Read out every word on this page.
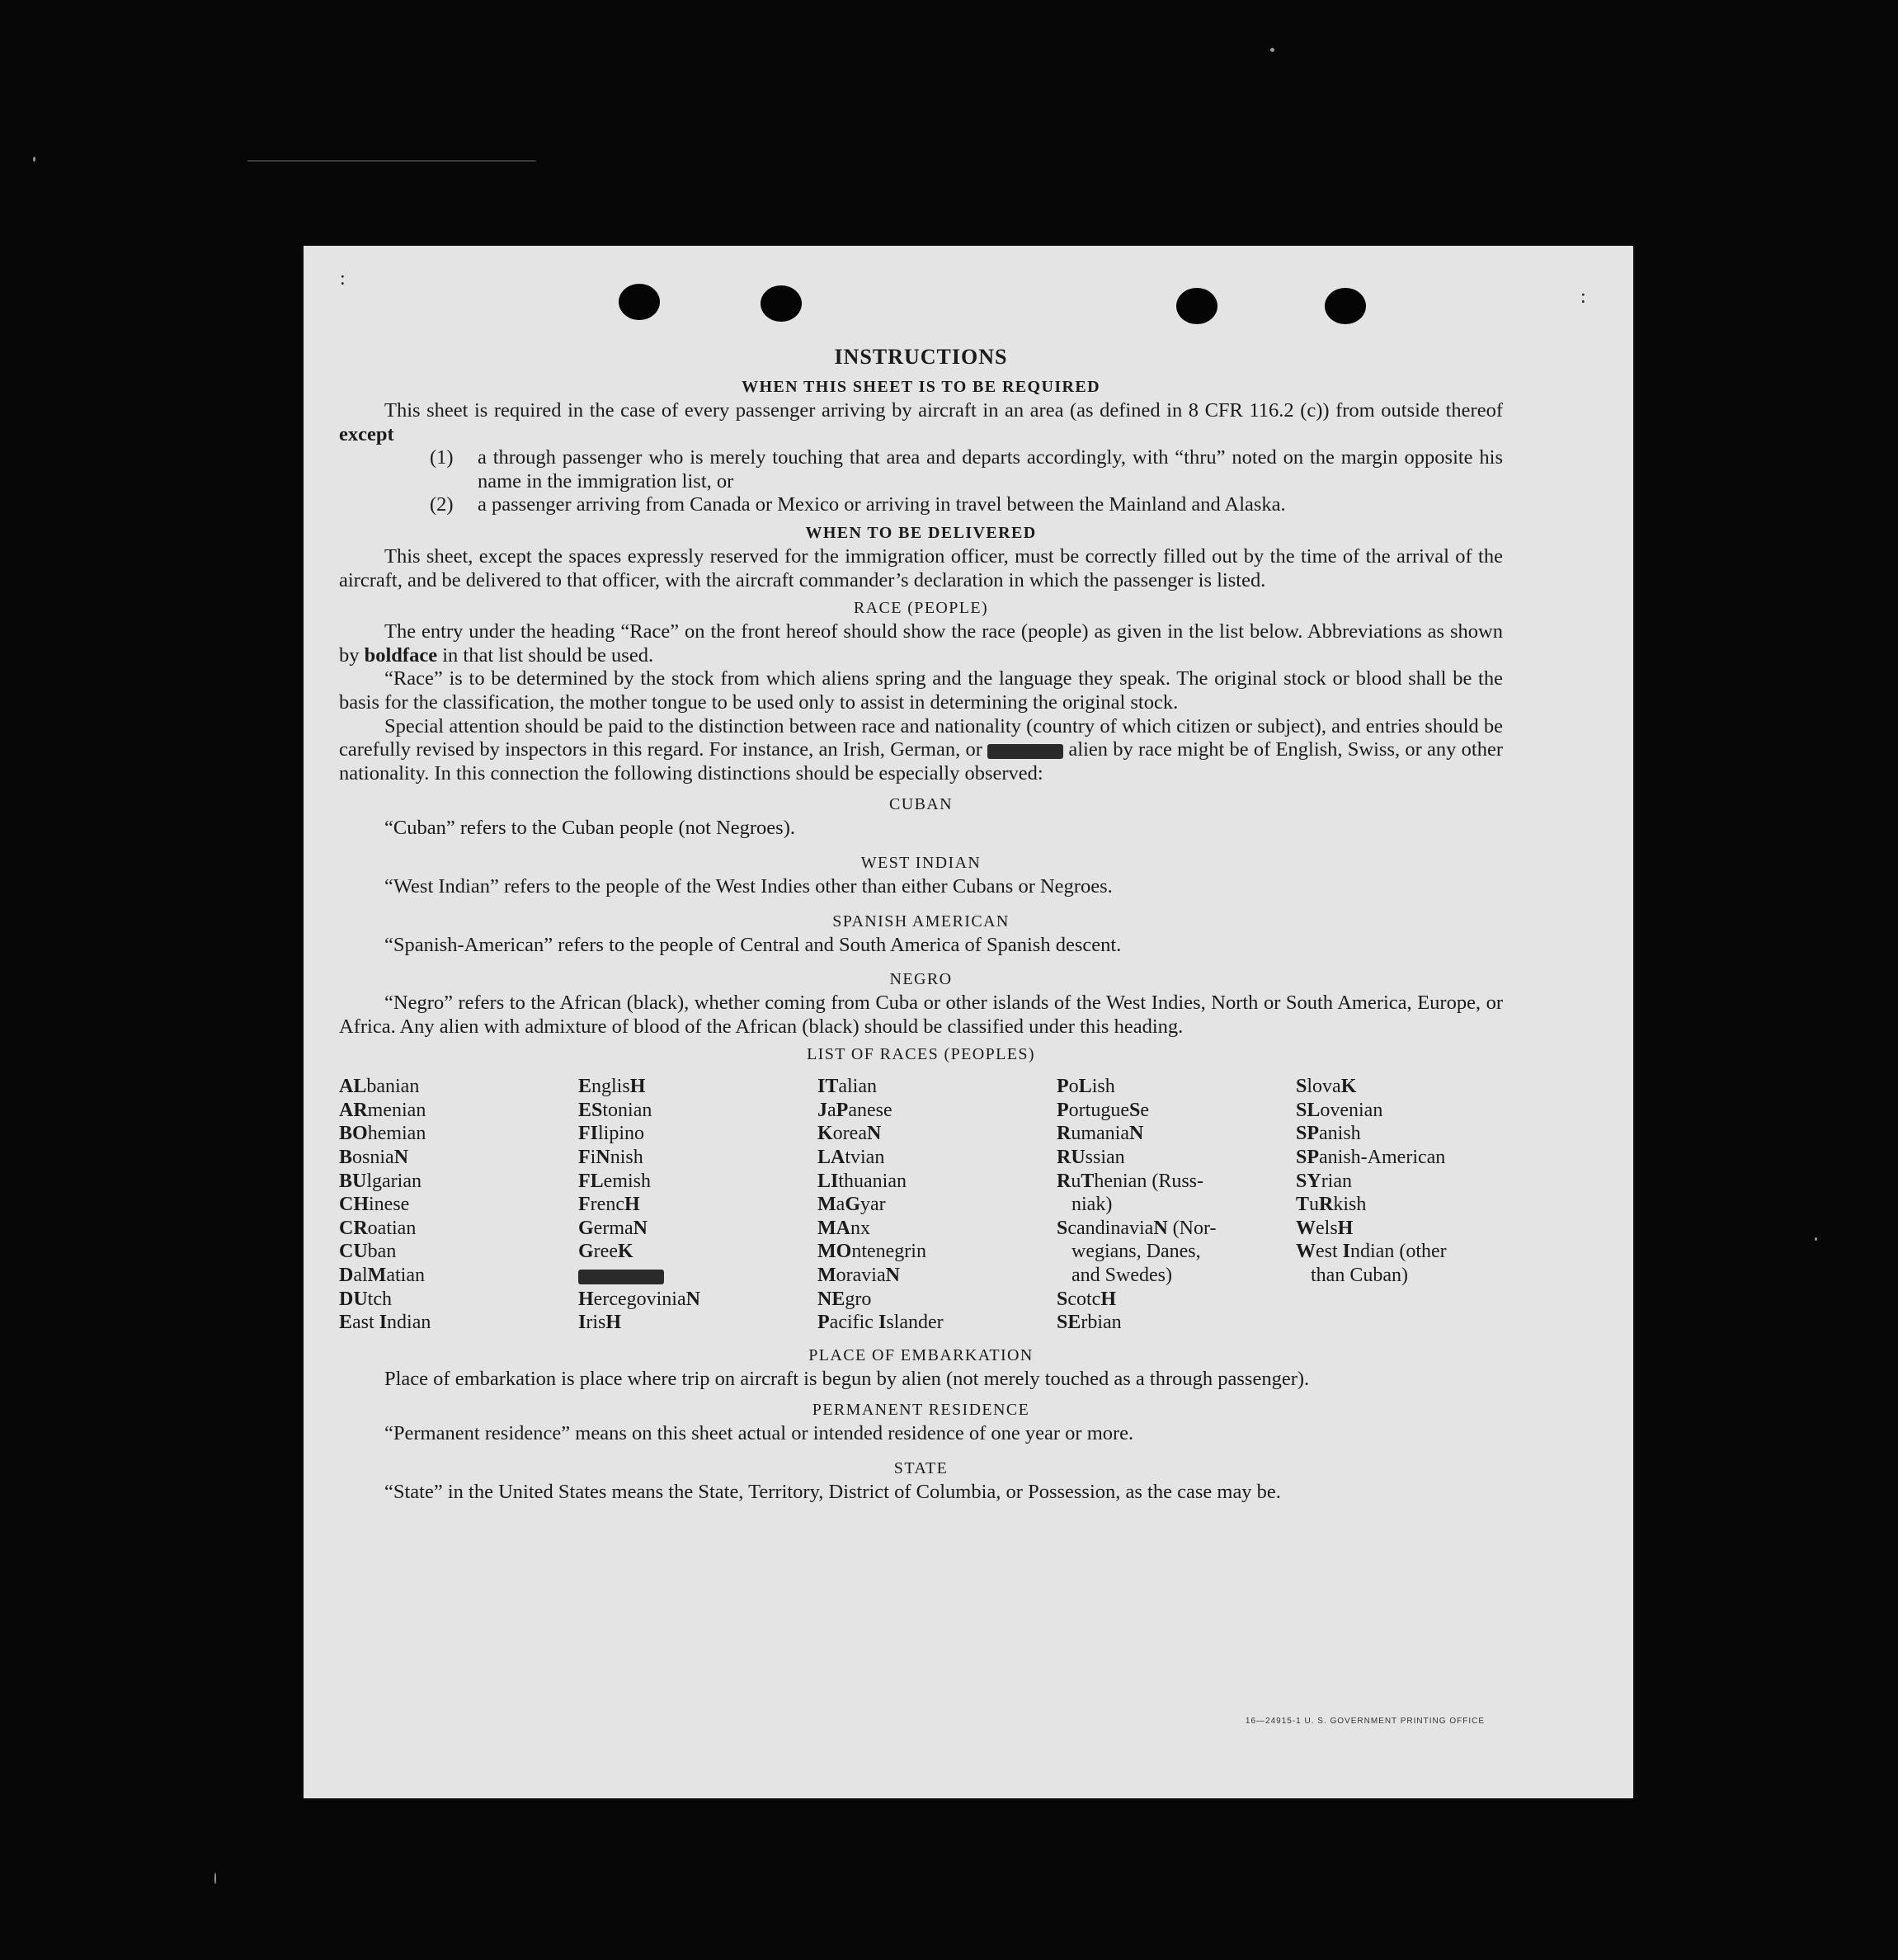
:
:
INSTRUCTIONS
WHEN THIS SHEET IS TO BE REQUIRED

This sheet is required in the case of every passenger arriving by aircraft in an area (as defined in 8 CFR 116.2 (c)) from outside thereof except

(1)	a through passenger who is merely touching that area and departs accordingly, with “thru” noted on the margin opposite his name in the immigration list, or
(2)	a passenger arriving from Canada or Mexico or arriving in travel between the Mainland and Alaska.
WHEN TO BE DELIVERED

This sheet, except the spaces expressly reserved for the immigration officer, must be correctly filled out by the time of the arrival of the aircraft, and be delivered to that officer, with the aircraft commander’s declaration in which the passenger is listed.

RACE (PEOPLE)

The entry under the heading “Race” on the front hereof should show the race (people) as given in the list below. Abbreviations as shown by boldface in that list should be used.

“Race” is to be determined by the stock from which aliens spring and the language they speak. The original stock or blood shall be the basis for the classification, the mother tongue to be used only to assist in determining the original stock.

Special attention should be paid to the distinction between race and nationality (country of which citizen or subject), and entries should be carefully revised by inspectors in this regard. For instance, an Irish, German, or	alien by race might be of English, Swiss, or any other nationality. In this connection the following distinctions should be especially observed:

CUBAN

“Cuban” refers to the Cuban people (not Negroes).

WEST INDIAN

“West Indian” refers to the people of the West Indies other than either Cubans or Negroes.

SPANISH AMERICAN

“Spanish-American” refers to the people of Central and South America of Spanish descent.

NEGRO

“Negro” refers to the African (black), whether coming from Cuba or other islands of the West Indies, North or South America, Europe, or Africa. Any alien with admixture of blood of the African (black) should be classified under this heading.

LIST OF RACES (PEOPLES)
ALbanian
ARmenian
BOhemian
BosniaN
BUlgarian
CHinese
CRoatian
CUban
DalMatian
DUtch
East Indian
EnglisH
EStonian
FIlipino
FiNnish
FLemish
FrencH
GermaN
GreeK
HercegoviniaN
IrisH
ITalian
JaPanese
KoreaN
LAtvian
LIthuanian
MaGyar
MAnx
MOntenegrin
MoraviaN
NEgro
Pacific Islander
PoLish
PortugueSe
RumaniaN
RUssian
RuThenian (Russ-
niak)
ScandinaviaN (Nor-
wegians, Danes,
and Swedes)
ScotcH
SErbian
SlovaK
SLovenian
SPanish
SPanish-American
SYrian
TuRkish
WelsH
West Indian (other
than Cuban)
PLACE OF EMBARKATION

Place of embarkation is place where trip on aircraft is begun by alien (not merely touched as a through passenger).

PERMANENT RESIDENCE

“Permanent residence” means on this sheet actual or intended residence of one year or more.

STATE

“State” in the United States means the State, Territory, District of Columbia, or Possession, as the case may be.

16—24915-1 U. S. GOVERNMENT PRINTING OFFICE
